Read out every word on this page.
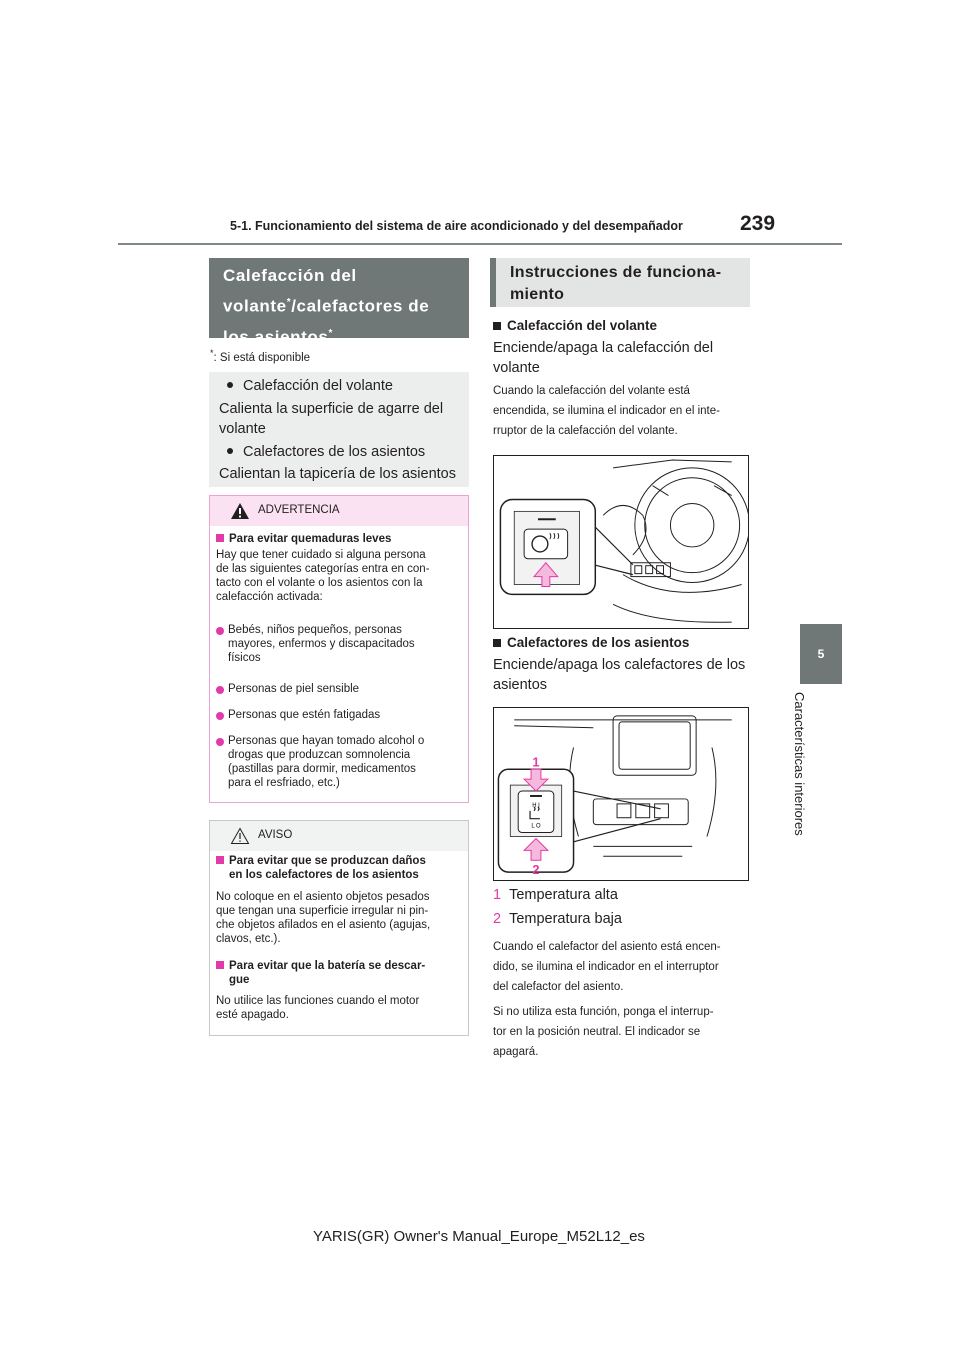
5-1. Funcionamiento del sistema de aire acondicionado y del desempañador	239
5
Características interiores
Calefacción del
volante*/calefactores de
los asientos*
*: Si está disponible

Calefacción del volante

Calienta la superficie de agarre del

volante

Calefactores de los asientos

Calientan la tapicería de los asientos

ADVERTENCIA
Para evitar quemaduras leves
Hay que tener cuidado si alguna persona
de las siguientes categorías entra en con-
tacto con el volante o los asientos con la
calefacción activada:
Bebés, niños pequeños, personas
mayores, enfermos y discapacitados
físicos
Personas de piel sensible
Personas que estén fatigadas
Personas que hayan tomado alcohol o
drogas que produzcan somnolencia
(pastillas para dormir, medicamentos
para el resfriado, etc.)
AVISO
Para evitar que se produzcan daños
en los calefactores de los asientos
No coloque en el asiento objetos pesados
que tengan una superficie irregular ni pin-
che objetos afilados en el asiento (agujas,
clavos, etc.).
Para evitar que la batería se descar-
gue
No utilice las funciones cuando el motor
esté apagado.
Instrucciones de funciona-
miento
Calefacción del volante
Enciende/apaga la calefacción del
volante
Cuando la calefacción del volante está
encendida, se ilumina el indicador en el inte-
rruptor de la calefacción del volante.
Calefactores de los asientos
Enciende/apaga los calefactores de los
asientos
H I
L O
1
2
1 Temperatura alta
2 Temperatura baja
Cuando el calefactor del asiento está encen-
dido, se ilumina el indicador en el interruptor
del calefactor del asiento.
Si no utiliza esta función, ponga el interrup-
tor en la posición neutral. El indicador se
apagará.
YARIS(GR) Owner's Manual_Europe_M52L12_es
